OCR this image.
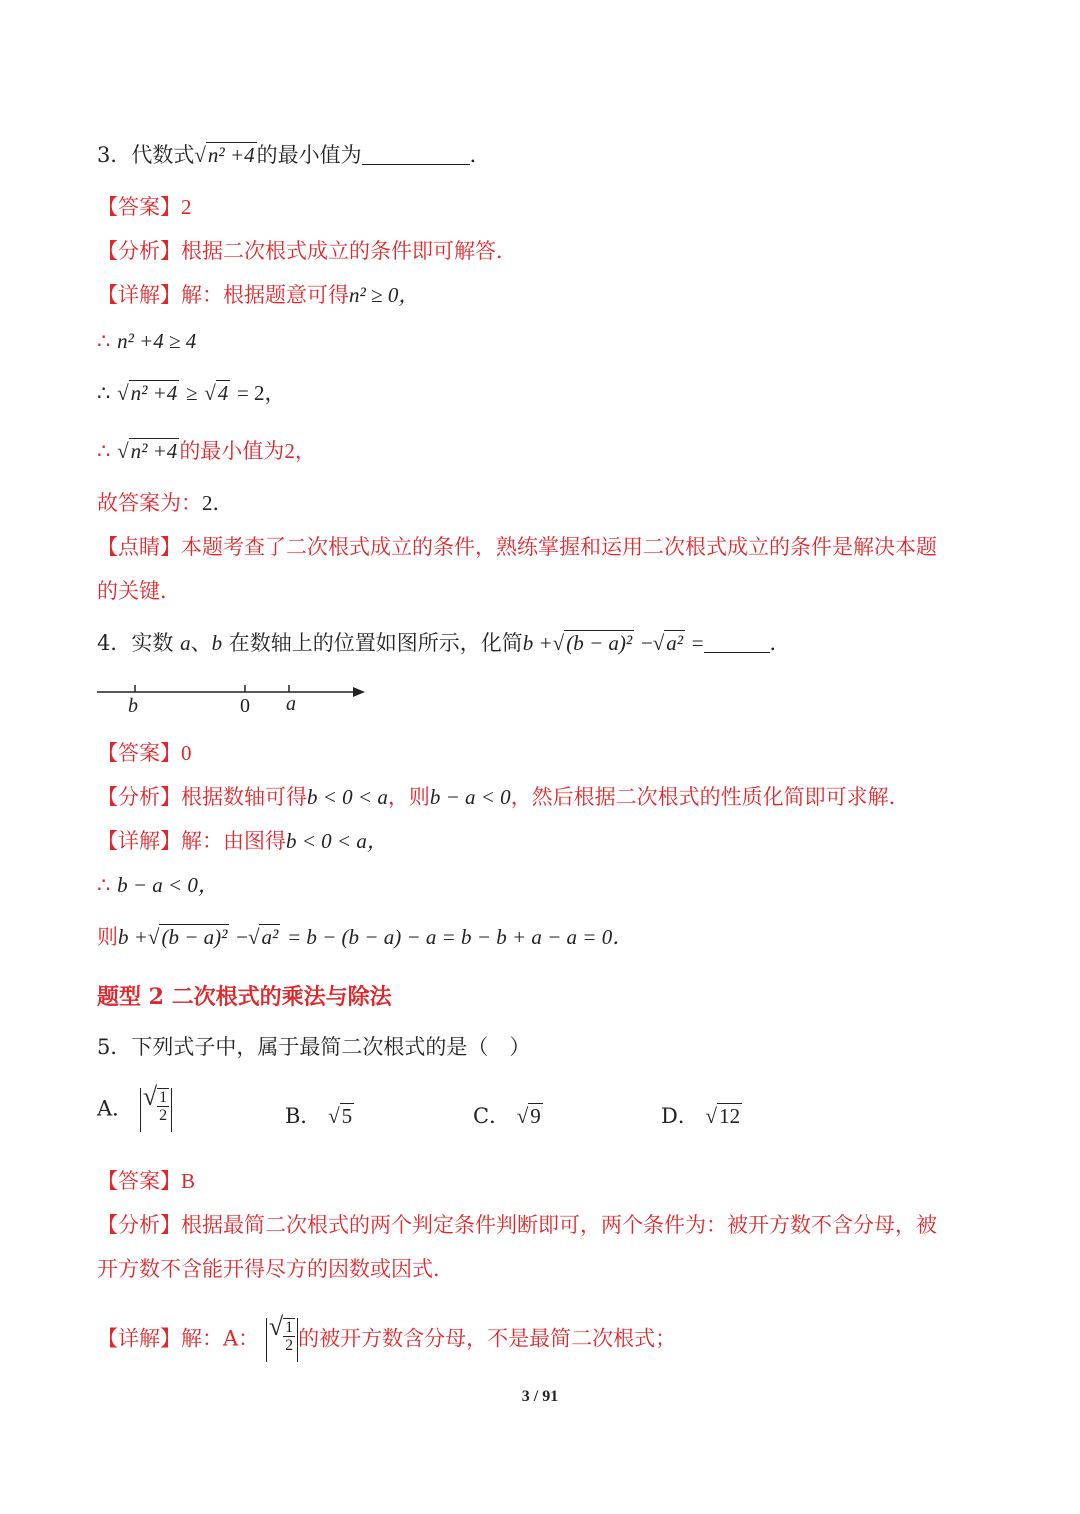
3．代数式√n² +4的最小值为	．
【答案】2
【分析】根据二次根式成立的条件即可解答．
【详解】解：根据题意可得n² ≥ 0，
∴ n² +4 ≥ 4
∴ √n² +4 ≥ √4 = 2，
∴ √n² +4的最小值为2，
故答案为：2．
【点睛】本题考查了二次根式成立的条件，熟练掌握和运用二次根式成立的条件是解决本题
的关键．
4．实数 a、b 在数轴上的位置如图所示，化简b +√(b − a)² −√a² =	．
b	0 a
【答案】0
【分析】根据数轴可得b < 0 < a，则b − a < 0，然后根据二次根式的性质化简即可求解．
【详解】解：由图得b < 0 < a，
∴ b − a < 0，
则b +√(b − a)² −√a² = b − (b − a) − a = b − b + a − a = 0．
题型 2 二次根式的乘法与除法
5．下列式子中，属于最简二次根式的是（　）
A． √ $\frac{1}{2}$	B． √5	C． √9	D． √12
【答案】B
【分析】根据最简二次根式的两个判定条件判断即可，两个条件为：被开方数不含分母，被
开方数不含能开得尽方的因数或因式．
【详解】解：A： √ $\frac{1}{2}$ 的被开方数含分母，不是最简二次根式；
3 / 91
